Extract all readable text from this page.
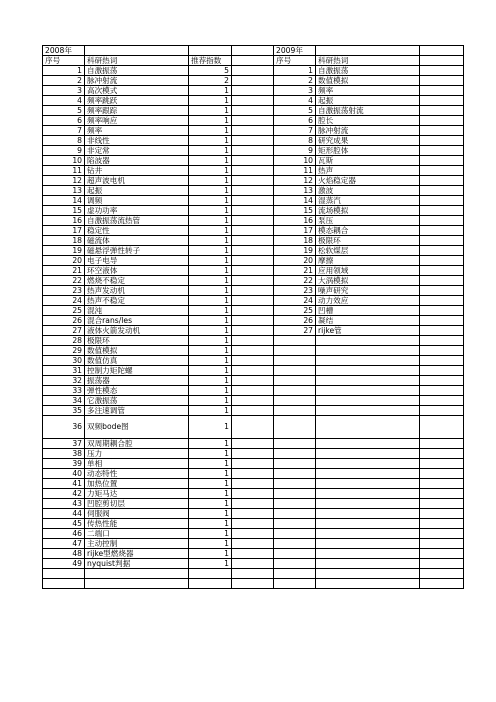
2008年				2009年		
序号	科研热词	推荐指数		序号	科研热词	
1	自激振荡	5		1	自激振荡	
2	脉冲射流	2		2	数值模拟	
3	高次模式	1		3	频率	
4	频率跳跃	1		4	起振	
5	频率跟踪	1		5	自激振荡射流	
6	频率响应	1		6	腔长	
7	频率	1		7	脉冲射流	
8	非线性	1		8	研究成果	
9	非定常	1		9	矩形腔体	
10	陷波器	1		10	瓦斯	
11	钻井	1		11	热声	
12	超声波电机	1		12	火焰稳定器	
13	起振	1		13	激波	
14	调频	1		14	湿蒸汽	
15	虚功功率	1		15	流场模拟	
16	自激振荡流热管	1		16	泵压	
17	稳定性	1		17	模态耦合	
18	磁流体	1		18	极限环	
19	磁悬浮弹性转子	1		19	松软煤层	
20	电子电导	1		20	摩擦	
21	环空液体	1		21	应用领域	
22	燃烧不稳定	1		22	大涡模拟	
23	热声发动机	1		23	噪声研究	
24	热声不稳定	1		24	动力效应	
25	混沌	1		25	凹槽	
26	混合rans/les	1		26	凝结	
27	液体火箭发动机	1		27	rijke管	
28	极限环	1				
29	数值模拟	1				
30	数值仿真	1				
31	控制力矩陀螺	1				
32	振荡器	1				
33	弹性模态	1				
34	它激振荡	1				
35	多注速调管	1				
36	双频bode图	1				
37	双周期耦合腔	1				
38	压力	1				
39	单相	1				
40	动态特性	1				
41	加热位置	1				
42	力矩马达	1				
43	凹腔剪切层	1				
44	伺服阀	1				
45	传热性能	1				
46	二端口	1				
47	主动控制	1				
48	rijke型燃烧器	1				
49	nyquist判据	1				
